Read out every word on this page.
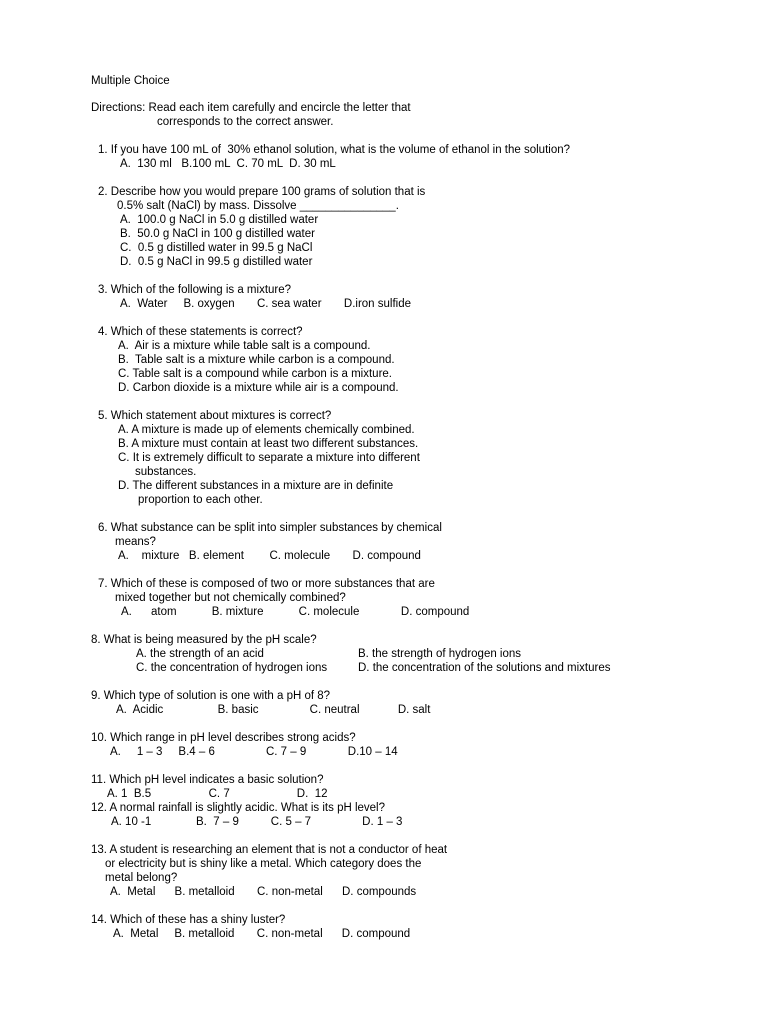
Multiple Choice
Directions: Read each item carefully and encircle the letter that
corresponds to the correct answer.
1. If you have 100 mL of  30% ethanol solution, what is the volume of ethanol in the solution?
A.  130 ml   B.100 mL  C. 70 mL  D. 30 mL
2. Describe how you would prepare 100 grams of solution that is
0.5% salt (NaCl) by mass. Dissolve _______________.
A.  100.0 g NaCl in 5.0 g distilled water
B.  50.0 g NaCl in 100 g distilled water
C.  0.5 g distilled water in 99.5 g NaCl
D.  0.5 g NaCl in 99.5 g distilled water
3. Which of the following is a mixture?
A.  Water     B. oxygen       C. sea water       D.iron sulfide
4. Which of these statements is correct?
A.  Air is a mixture while table salt is a compound.
B.  Table salt is a mixture while carbon is a compound.
C. Table salt is a compound while carbon is a mixture.
D. Carbon dioxide is a mixture while air is a compound.
5. Which statement about mixtures is correct?
A. A mixture is made up of elements chemically combined.
B. A mixture must contain at least two different substances.
C. It is extremely difficult to separate a mixture into different
substances.
D. The different substances in a mixture are in definite
proportion to each other.
6. What substance can be split into simpler substances by chemical
means?
A.    mixture   B. element        C. molecule       D. compound
7. Which of these is composed of two or more substances that are
mixed together but not chemically combined?
A.      atom           B. mixture           C. molecule             D. compound
8. What is being measured by the pH scale?
A. the strength of an acid	B. the strength of hydrogen ions
C. the concentration of hydrogen ions	D. the concentration of the solutions and mixtures
9. Which type of solution is one with a pH of 8?
A.  Acidic                 B. basic                C. neutral            D. salt
10. Which range in pH level describes strong acids?
A.     1 – 3     B.4 – 6                C. 7 – 9             D.10 – 14
11. Which pH level indicates a basic solution?
A. 1  B.5                  C. 7                     D.  12
12. A normal rainfall is slightly acidic. What is its pH level?
A. 10 -1              B.  7 – 9          C. 5 – 7                D. 1 – 3
13. A student is researching an element that is not a conductor of heat
or electricity but is shiny like a metal. Which category does the
metal belong?
A.  Metal      B. metalloid       C. non-metal      D. compounds
14. Which of these has a shiny luster?
A.  Metal     B. metalloid       C. non-metal      D. compound
